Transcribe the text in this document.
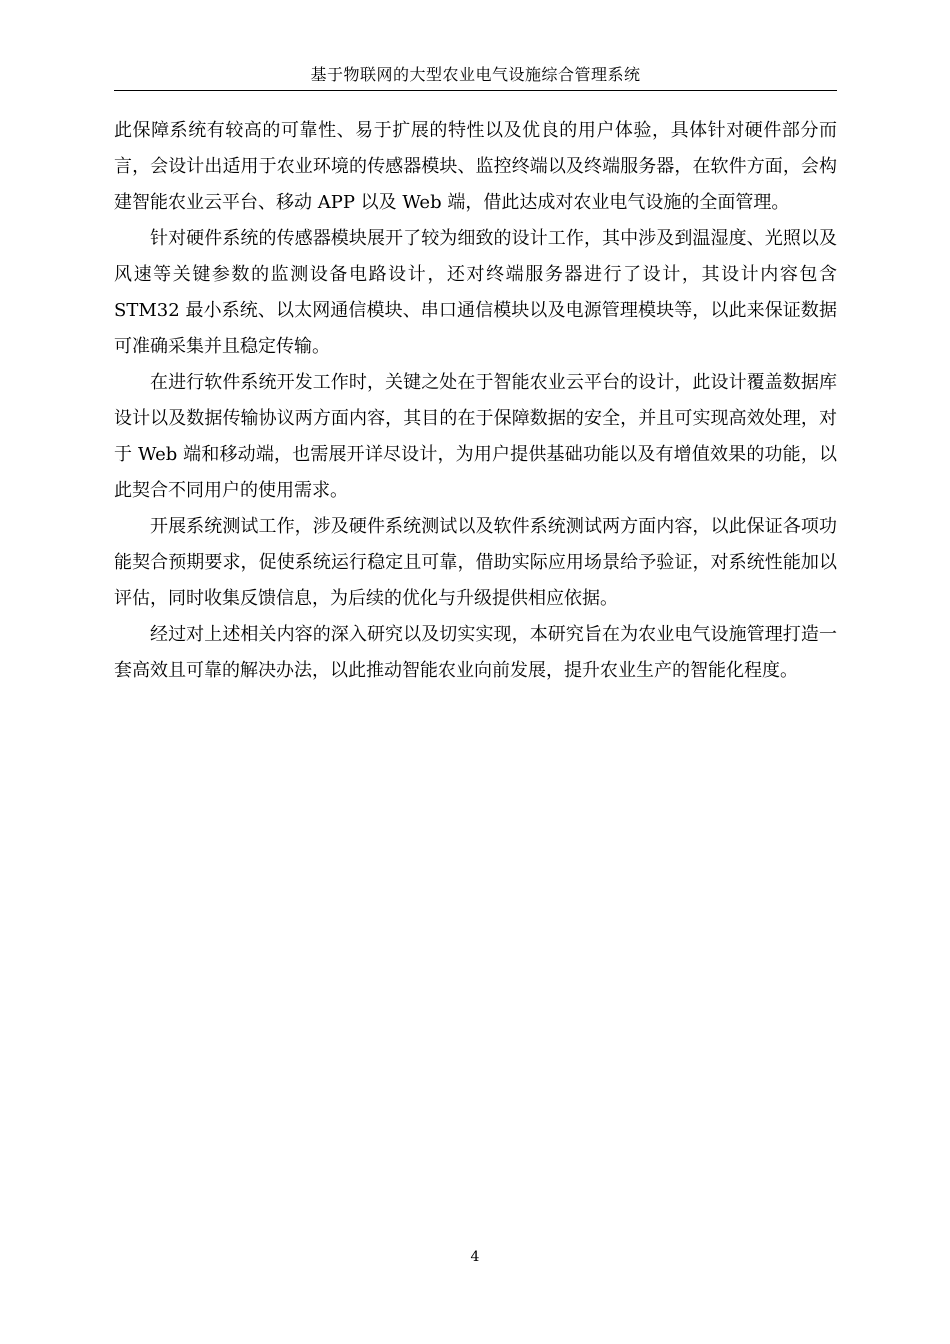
基于物联网的大型农业电气设施综合管理系统

此保障系统有较高的可靠性、易于扩展的特性以及优良的用户体验，具体针对硬件部分而言，会设计出适用于农业环境的传感器模块、监控终端以及终端服务器，在软件方面，会构建智能农业云平台、移动 APP 以及 Web 端，借此达成对农业电气设施的全面管理。

针对硬件系统的传感器模块展开了较为细致的设计工作，其中涉及到温湿度、光照以及风速等关键参数的监测设备电路设计，还对终端服务器进行了设计，其设计内容包含 STM32 最小系统、以太网通信模块、串口通信模块以及电源管理模块等，以此来保证数据可准确采集并且稳定传输。

在进行软件系统开发工作时，关键之处在于智能农业云平台的设计，此设计覆盖数据库设计以及数据传输协议两方面内容，其目的在于保障数据的安全，并且可实现高效处理，对于 Web 端和移动端，也需展开详尽设计，为用户提供基础功能以及有增值效果的功能，以此契合不同用户的使用需求。

开展系统测试工作，涉及硬件系统测试以及软件系统测试两方面内容，以此保证各项功能契合预期要求，促使系统运行稳定且可靠，借助实际应用场景给予验证，对系统性能加以评估，同时收集反馈信息，为后续的优化与升级提供相应依据。

经过对上述相关内容的深入研究以及切实实现，本研究旨在为农业电气设施管理打造一套高效且可靠的解决办法，以此推动智能农业向前发展，提升农业生产的智能化程度。

4
